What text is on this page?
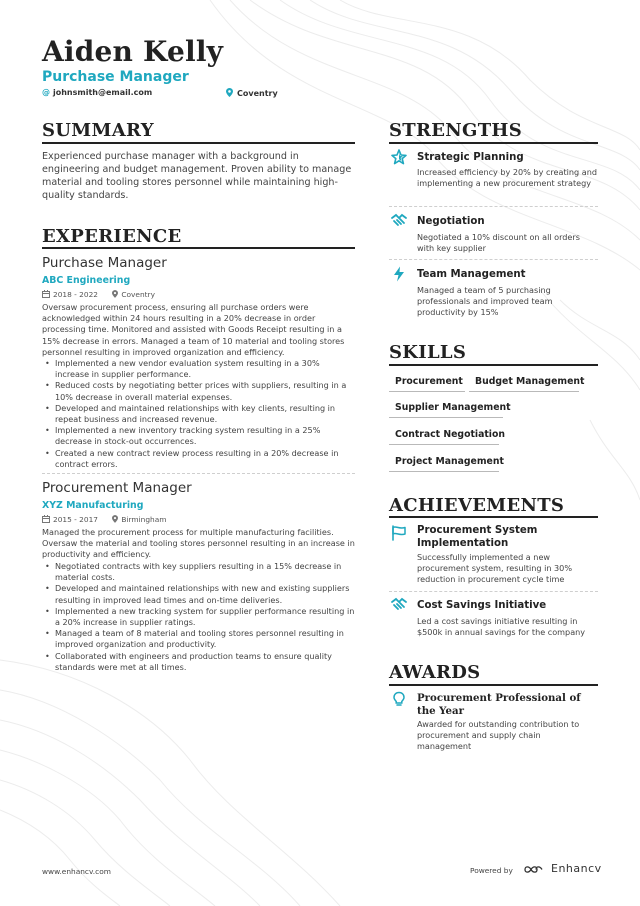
Aiden Kelly
Purchase Manager
@ johnsmith@email.com	Coventry
SUMMARY
Experienced purchase manager with a background in engineering and budget management. Proven ability to manage material and tooling stores personnel while maintaining high-quality standards.
EXPERIENCE
Purchase Manager
ABC Engineering
2018 - 2022	Coventry
Oversaw procurement process, ensuring all purchase orders were acknowledged within 24 hours resulting in a 20% decrease in order processing time. Monitored and assisted with Goods Receipt resulting in a 15% decrease in errors. Managed a team of 10 material and tooling stores personnel resulting in improved organization and efficiency.
• Implemented a new vendor evaluation system resulting in a 30% increase in supplier performance.
• Reduced costs by negotiating better prices with suppliers, resulting in a 10% decrease in overall material expenses.
• Developed and maintained relationships with key clients, resulting in repeat business and increased revenue.
• Implemented a new inventory tracking system resulting in a 25% decrease in stock-out occurrences.
• Created a new contract review process resulting in a 20% decrease in contract errors.
Procurement Manager
XYZ Manufacturing
2015 - 2017	Birmingham
Managed the procurement process for multiple manufacturing facilities. Oversaw the material and tooling stores personnel resulting in an increase in productivity and efficiency.
• Negotiated contracts with key suppliers resulting in a 15% decrease in material costs.
• Developed and maintained relationships with new and existing suppliers resulting in improved lead times and on-time deliveries.
• Implemented a new tracking system for supplier performance resulting in a 20% increase in supplier ratings.
• Managed a team of 8 material and tooling stores personnel resulting in improved organization and productivity.
• Collaborated with engineers and production teams to ensure quality standards were met at all times.
STRENGTHS
Strategic Planning
Increased efficiency by 20% by creating and implementing a new procurement strategy
Negotiation
Negotiated a 10% discount on all orders with key supplier
Team Management
Managed a team of 5 purchasing professionals and improved team productivity by 15%
SKILLS
Procurement Budget Management
Supplier Management
Contract Negotiation
Project Management
ACHIEVEMENTS
Procurement System Implementation
Successfully implemented a new procurement system, resulting in 30% reduction in procurement cycle time
Cost Savings Initiative
Led a cost savings initiative resulting in $500k in annual savings for the company
AWARDS
Procurement Professional of the Year
Awarded for outstanding contribution to procurement and supply chain management
www.enhancv.com	Powered by	Enhancv
